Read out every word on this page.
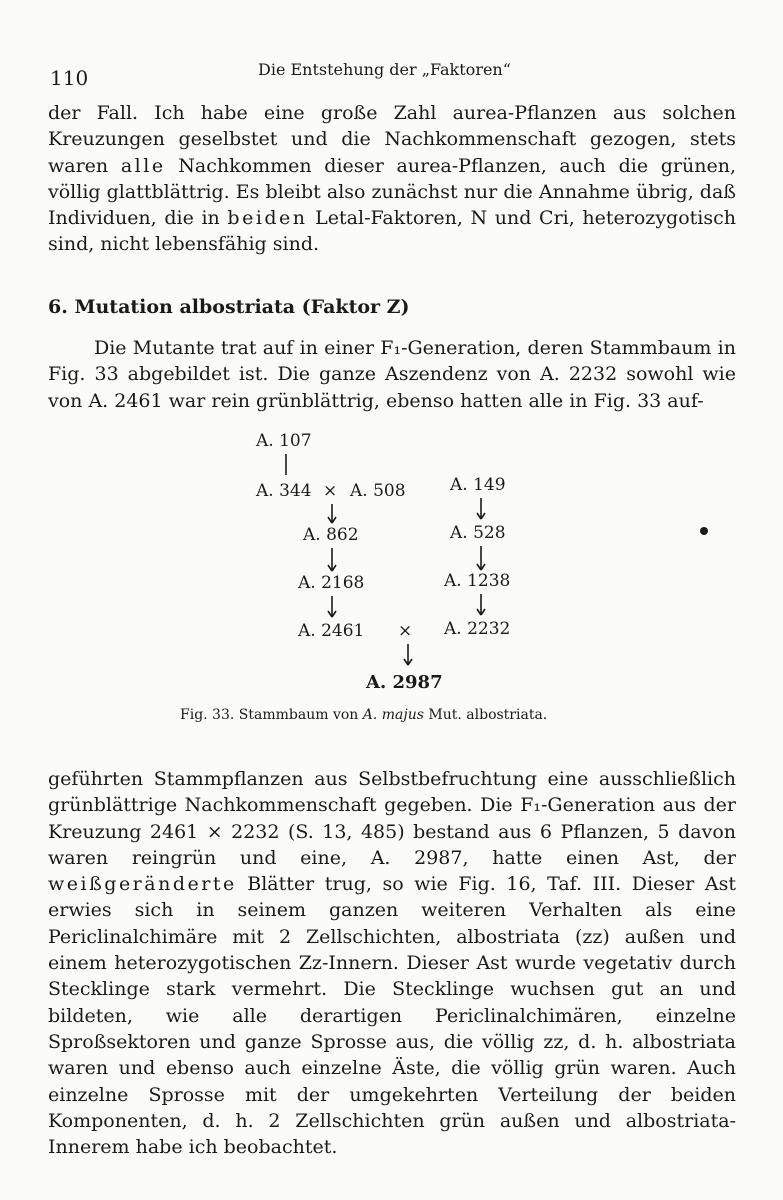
110	Die Entstehung der „Faktoren“

der Fall. Ich habe eine große Zahl aurea-Pflanzen aus solchen Kreuzungen geselbstet und die Nachkommenschaft gezogen, stets waren alle Nachkommen dieser aurea-Pflanzen, auch die grünen, völlig glattblättrig. Es bleibt also zunächst nur die Annahme übrig, daß Individuen, die in beiden Letal-Faktoren, N und Cri, heterozygotisch sind, nicht lebensfähig sind.

6. Mutation albostriata (Faktor Z)

Die Mutante trat auf in einer F₁-Generation, deren Stammbaum in Fig. 33 abgebildet ist. Die ganze Aszendenz von A. 2232 sowohl wie von A. 2461 war rein grünblättrig, ebenso hatten alle in Fig. 33 auf-

A. 107
A. 344 × A. 508	A. 149
A. 862	A. 528
A. 2168	A. 1238
A. 2461 × A. 2232
A. 2987
Fig. 33. Stammbaum von A. majus Mut. albostriata.

geführten Stammpflanzen aus Selbstbefruchtung eine ausschließlich grünblättrige Nachkommenschaft gegeben. Die F₁-Generation aus der Kreuzung 2461 × 2232 (S. 13, 485) bestand aus 6 Pflanzen, 5 davon waren reingrün und eine, A. 2987, hatte einen Ast, der weißgeränderte Blätter trug, so wie Fig. 16, Taf. III. Dieser Ast erwies sich in seinem ganzen weiteren Verhalten als eine Periclinalchimäre mit 2 Zellschichten, albostriata (zz) außen und einem heterozygotischen Zz-Innern. Dieser Ast wurde vegetativ durch Stecklinge stark vermehrt. Die Stecklinge wuchsen gut an und bildeten, wie alle derartigen Periclinalchimären, einzelne Sproßsektoren und ganze Sprosse aus, die völlig zz, d. h. albostriata waren und ebenso auch einzelne Äste, die völlig grün waren. Auch einzelne Sprosse mit der umgekehrten Verteilung der beiden Komponenten, d. h. 2 Zellschichten grün außen und albostriata-Innerem habe ich beobachtet.
